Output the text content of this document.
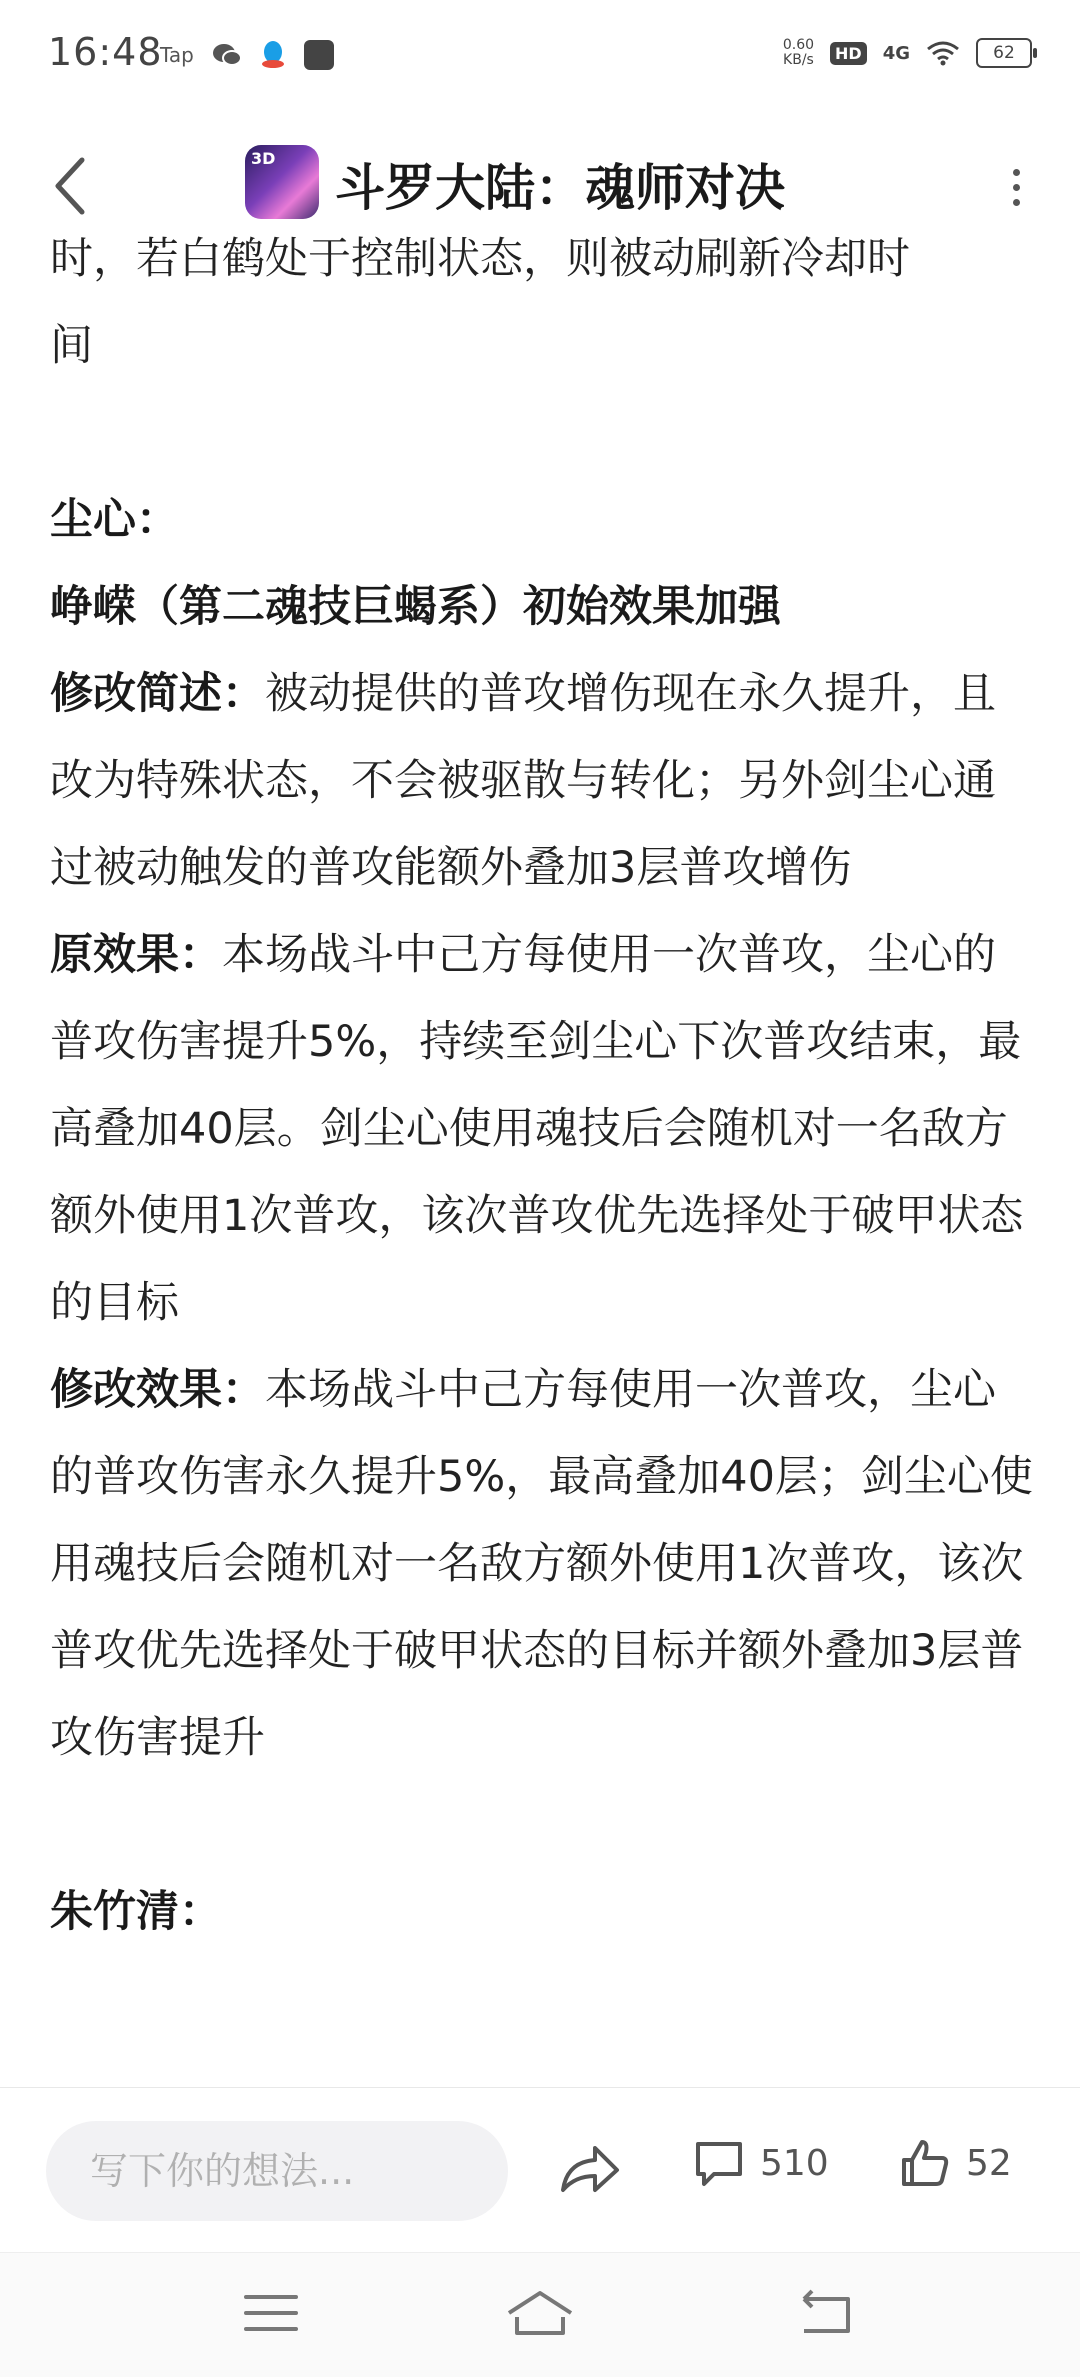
16:48
Tap	0.60
KB/s	HD 4G	62
3D
斗罗大陆：魂师对决

时，若白鹤处于控制状态，则被动刷新冷却时

间

尘心：

峥嵘（第二魂技巨蝎系）初始效果加强

修改简述：被动提供的普攻增伤现在永久提升，且改为特殊状态，不会被驱散与转化；另外剑尘心通过被动触发的普攻能额外叠加3层普攻增伤

原效果：本场战斗中己方每使用一次普攻，尘心的普攻伤害提升5%，持续至剑尘心下次普攻结束，最高叠加40层。剑尘心使用魂技后会随机对一名敌方额外使用1次普攻，该次普攻优先选择处于破甲状态的目标

修改效果：本场战斗中己方每使用一次普攻，尘心的普攻伤害永久提升5%，最高叠加40层；剑尘心使用魂技后会随机对一名敌方额外使用1次普攻，该次普攻优先选择处于破甲状态的目标并额外叠加3层普攻伤害提升

朱竹清：

写下你的想法...	510	52
